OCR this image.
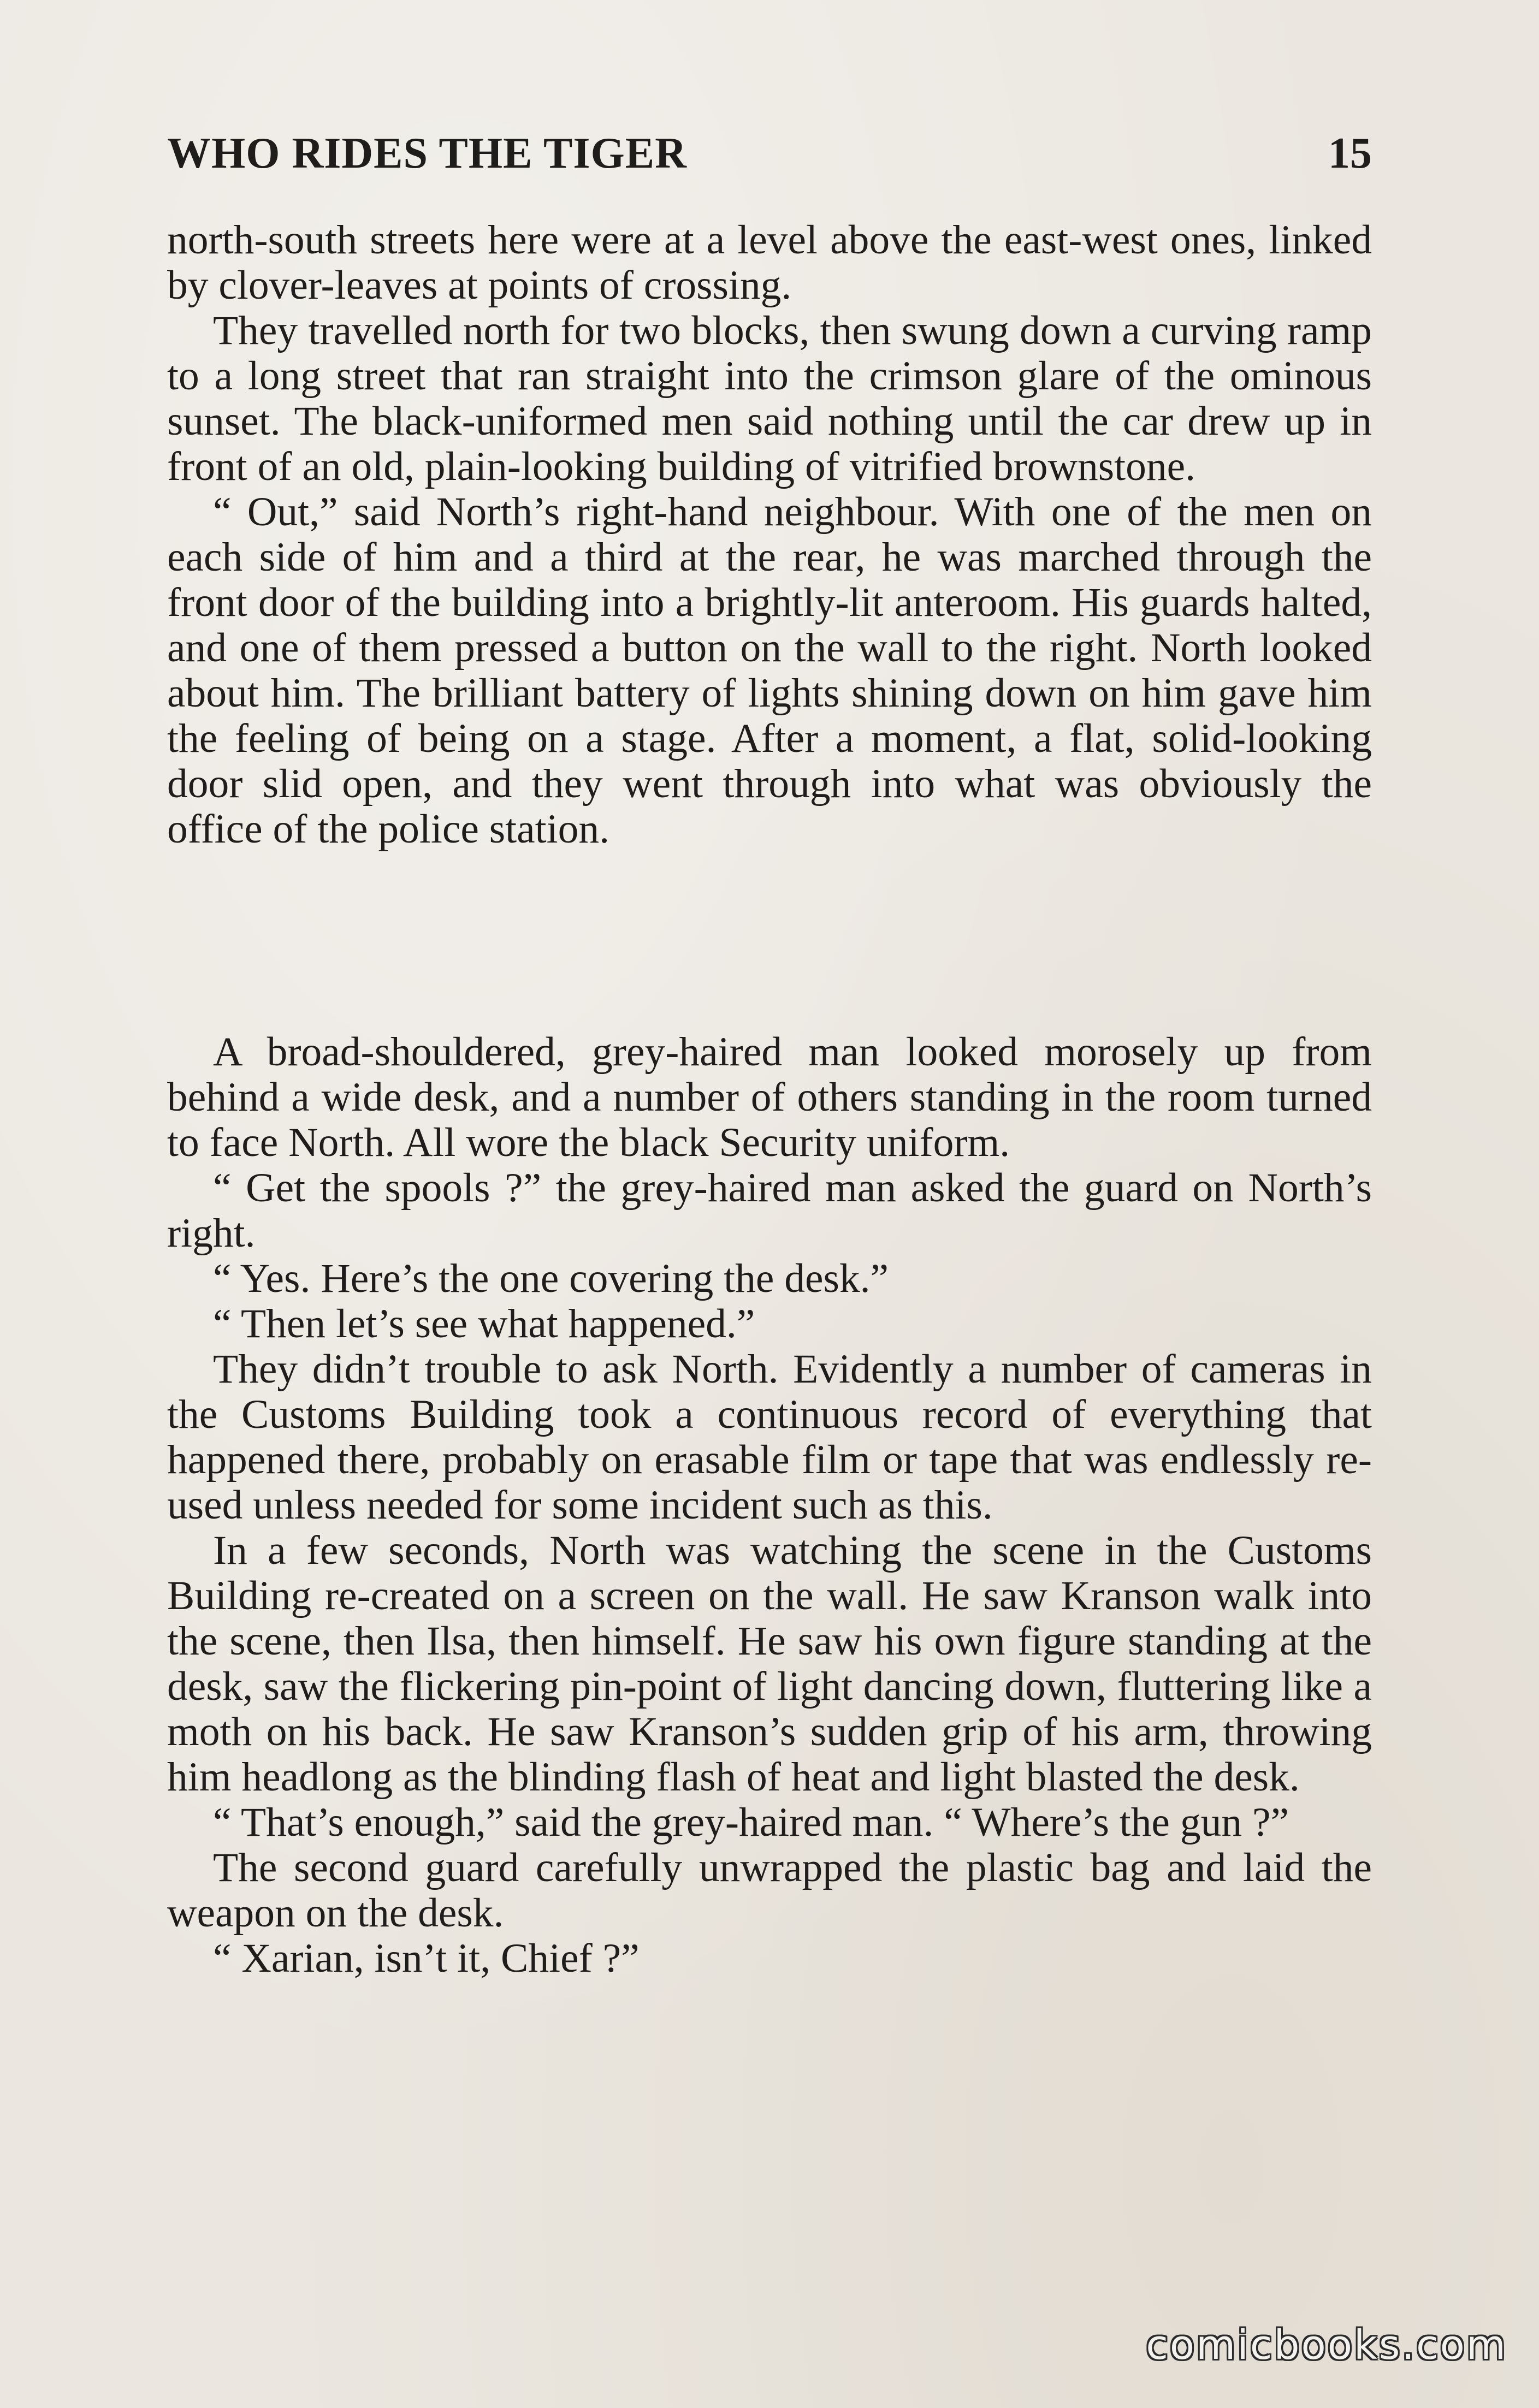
WHO RIDES THE TIGER	15

north-south streets here were at a level above the east-west ones, linked by clover-leaves at points of crossing.

They travelled north for two blocks, then swung down a curving ramp to a long street that ran straight into the crimson glare of the ominous sunset. The black-uniformed men said nothing until the car drew up in front of an old, plain-looking building of vitrified brownstone.

“ Out,” said North’s right-hand neighbour. With one of the men on each side of him and a third at the rear, he was marched through the front door of the building into a brightly-lit anteroom. His guards halted, and one of them pressed a button on the wall to the right. North looked about him. The brilliant battery of lights shining down on him gave him the feeling of being on a stage. After a moment, a flat, solid-looking door slid open, and they went through into what was obviously the office of the police station.

A broad-shouldered, grey-haired man looked morosely up from behind a wide desk, and a number of others standing in the room turned to face North. All wore the black Security uniform.

“ Get the spools ?” the grey-haired man asked the guard on North’s right.

“ Yes. Here’s the one covering the desk.”

“ Then let’s see what happened.”

They didn’t trouble to ask North. Evidently a number of cameras in the Customs Building took a continuous record of everything that happened there, probably on erasable film or tape that was endlessly re-used unless needed for some incident such as this.

In a few seconds, North was watching the scene in the Customs Building re-created on a screen on the wall. He saw Kranson walk into the scene, then Ilsa, then himself. He saw his own figure standing at the desk, saw the flickering pin-point of light dancing down, fluttering like a moth on his back. He saw Kranson’s sudden grip of his arm, throwing him headlong as the blinding flash of heat and light blasted the desk.

“ That’s enough,” said the grey-haired man. “ Where’s the gun ?”

The second guard carefully unwrapped the plastic bag and laid the weapon on the desk.

“ Xarian, isn’t it, Chief ?”

comicbooks.com
